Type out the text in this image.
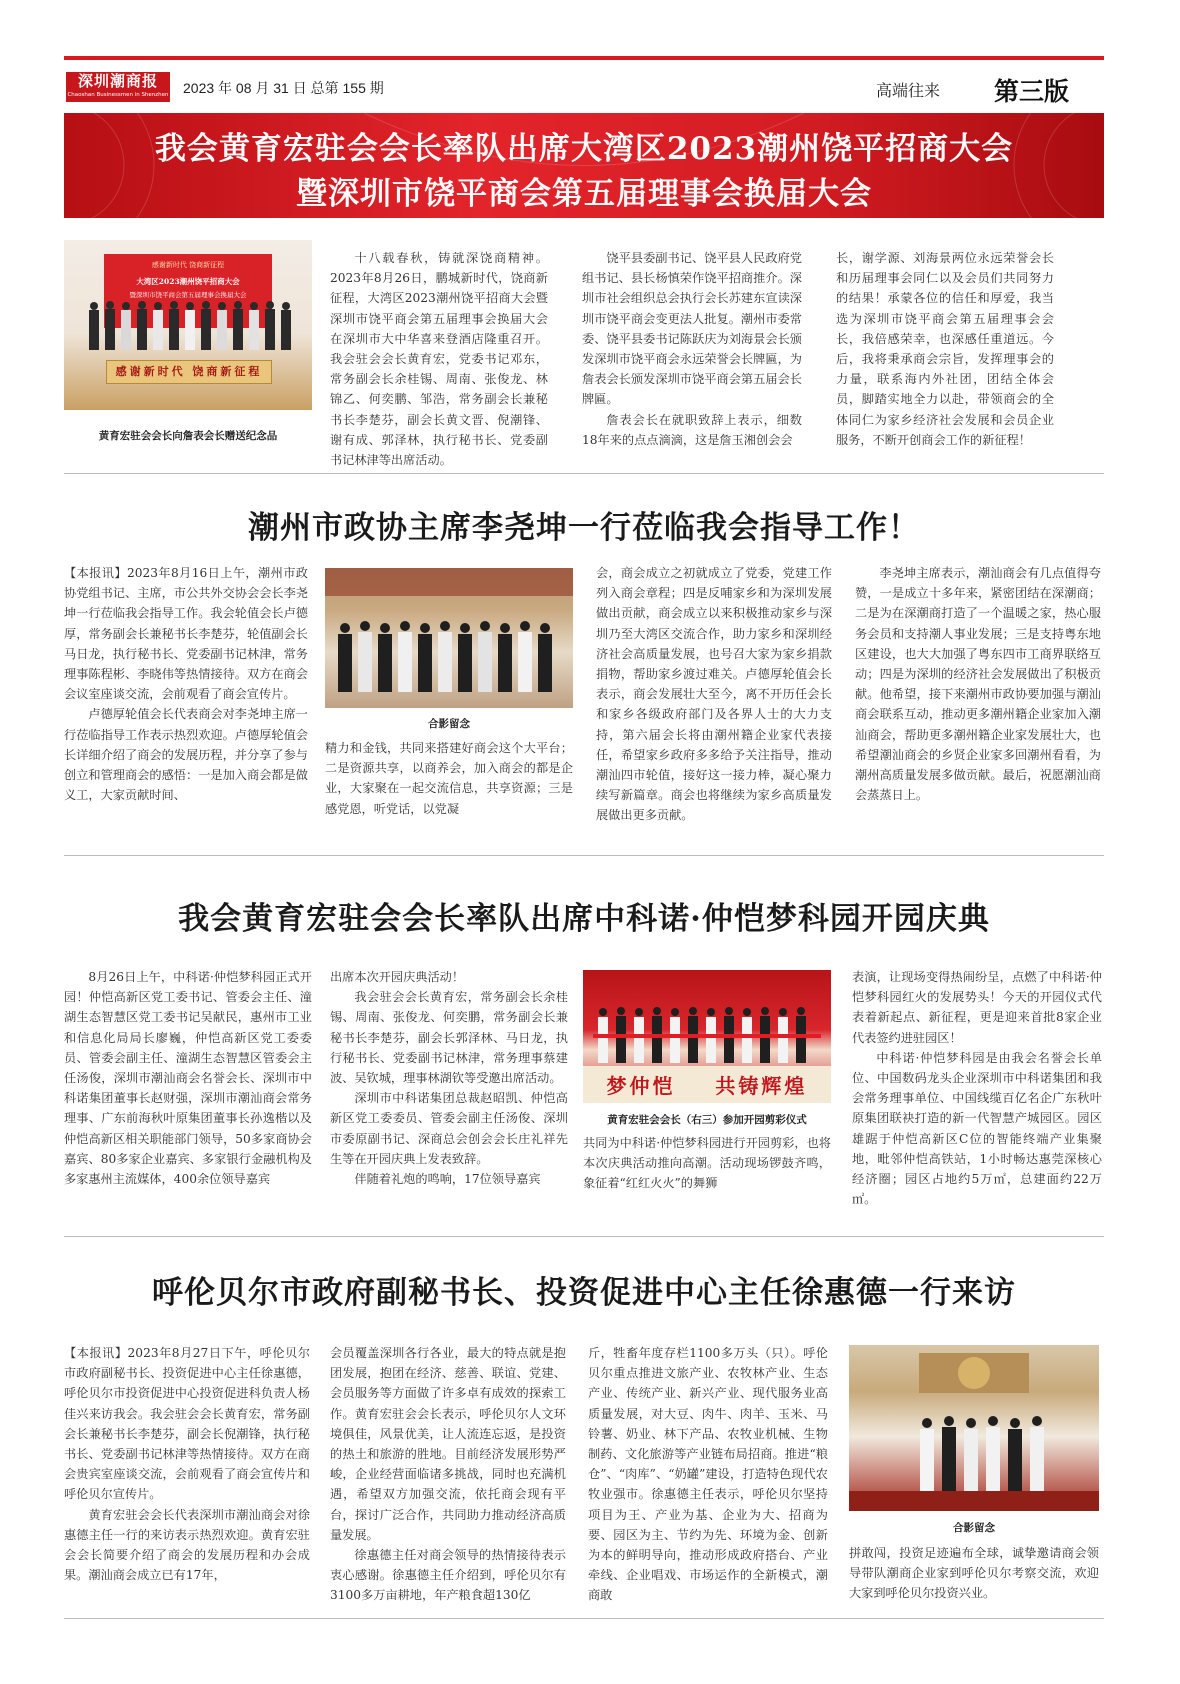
深圳潮商报
Chaoshan Businessmen in Shenzhen 2023 年 08 月 31 日 总第 155 期	高端往来 第三版
我会黄育宏驻会会长率队出席大湾区2023潮州饶平招商大会
暨深圳市饶平商会第五届理事会换届大会
感谢新时代 饶商新征程
大湾区2023潮州饶平招商大会
暨深圳市饶平商会第五届理事会换届大会
感谢新时代 饶商新征程
黄育宏驻会会长向詹表会长赠送纪念品

十八载春秋，铸就深饶商精神。2023年8月26日，鹏城新时代，饶商新征程，大湾区2023潮州饶平招商大会暨深圳市饶平商会第五届理事会换届大会在深圳市大中华喜来登酒店隆重召开。我会驻会会长黄育宏，党委书记邓东，常务副会长余桂锡、周南、张俊龙、林锦乙、何奕鹏、邹浩，常务副会长兼秘书长李楚芬，副会长黄文晋、倪潮锋、谢有成、郭泽林，执行秘书长、党委副书记林津等出席活动。

饶平县委副书记、饶平县人民政府党组书记、县长杨慎荣作饶平招商推介。深圳市社会组织总会执行会长苏建东宣读深圳市饶平商会变更法人批复。潮州市委常委、饶平县委书记陈跃庆为刘海景会长颁发深圳市饶平商会永远荣誉会长牌匾，为詹表会长颁发深圳市饶平商会第五届会长牌匾。

詹表会长在就职致辞上表示，细数18年来的点点滴滴，这是詹玉湘创会会

长，谢学源、刘海景两位永远荣誉会长和历届理事会同仁以及会员们共同努力的结果！承蒙各位的信任和厚爱，我当选为深圳市饶平商会第五届理事会会长，我倍感荣幸，也深感任重道远。今后，我将秉承商会宗旨，发挥理事会的力量，联系海内外社团，团结全体会员，脚踏实地全力以赴，带领商会的全体同仁为家乡经济社会发展和会员企业服务，不断开创商会工作的新征程！

潮州市政协主席李尧坤一行莅临我会指导工作！

【本报讯】2023年8月16日上午，潮州市政协党组书记、主席，市公共外交协会会长李尧坤一行莅临我会指导工作。我会轮值会长卢德厚，常务副会长兼秘书长李楚芬，轮值副会长马日龙，执行秘书长、党委副书记林津，常务理事陈程彬、李晓伟等热情接待。双方在商会会议室座谈交流，会前观看了商会宣传片。

卢德厚轮值会长代表商会对李尧坤主席一行莅临指导工作表示热烈欢迎。卢德厚轮值会长详细介绍了商会的发展历程，并分享了参与创立和管理商会的感悟：一是加入商会都是做义工，大家贡献时间、

合影留念

精力和金钱，共同来搭建好商会这个大平台；二是资源共享，以商养会，加入商会的都是企业，大家聚在一起交流信息，共享资源；三是感党恩，听党话，以党凝

会，商会成立之初就成立了党委，党建工作列入商会章程；四是反哺家乡和为深圳发展做出贡献，商会成立以来积极推动家乡与深圳乃至大湾区交流合作，助力家乡和深圳经济社会高质量发展，也号召大家为家乡捐款捐物，帮助家乡渡过难关。卢德厚轮值会长表示，商会发展壮大至今，离不开历任会长和家乡各级政府部门及各界人士的大力支持，第六届会长将由潮州籍企业家代表接任，希望家乡政府多多给予关注指导，推动潮汕四市轮值，接好这一接力棒，凝心聚力续写新篇章。商会也将继续为家乡高质量发展做出更多贡献。

李尧坤主席表示，潮汕商会有几点值得夸赞，一是成立十多年来，紧密团结在深潮商；二是为在深潮商打造了一个温暖之家，热心服务会员和支持潮人事业发展；三是支持粤东地区建设，也大大加强了粤东四市工商界联络互动；四是为深圳的经济社会发展做出了积极贡献。他希望，接下来潮州市政协要加强与潮汕商会联系互动，推动更多潮州籍企业家加入潮汕商会，帮助更多潮州籍企业家发展壮大，也希望潮汕商会的乡贤企业家多回潮州看看，为潮州高质量发展多做贡献。最后，祝愿潮汕商会蒸蒸日上。

我会黄育宏驻会会长率队出席中科诺·仲恺梦科园开园庆典

8月26日上午，中科诺·仲恺梦科园正式开园！仲恺高新区党工委书记、管委会主任、潼湖生态智慧区党工委书记吴献民，惠州市工业和信息化局局长廖巍，仲恺高新区党工委委员、管委会副主任、潼湖生态智慧区管委会主任汤俊，深圳市潮汕商会名誉会长、深圳市中科诺集团董事长赵财强，深圳市潮汕商会常务理事、广东前海秋叶原集团董事长孙逸楷以及仲恺高新区相关职能部门领导，50多家商协会嘉宾、80多家企业嘉宾、多家银行金融机构及多家惠州主流媒体，400余位领导嘉宾

出席本次开园庆典活动！

我会驻会会长黄育宏，常务副会长余桂锡、周南、张俊龙、何奕鹏，常务副会长兼秘书长李楚芬，副会长郭泽林、马日龙，执行秘书长、党委副书记林津，常务理事蔡建波、吴钦城，理事林湖钦等受邀出席活动。

深圳市中科诺集团总裁赵昭凯、仲恺高新区党工委委员、管委会副主任汤俊、深圳市委原副书记、深商总会创会会长庄礼祥先生等在开园庆典上发表致辞。

伴随着礼炮的鸣响，17位领导嘉宾

梦仲恺    共铸辉煌
黄育宏驻会会长（右三）参加开园剪彩仪式

共同为中科诺·仲恺梦科园进行开园剪彩，也将本次庆典活动推向高潮。活动现场锣鼓齐鸣，象征着“红红火火”的舞狮

表演，让现场变得热闹纷呈，点燃了中科诺·仲恺梦科园红火的发展势头！今天的开园仪式代表着新起点、新征程，更是迎来首批8家企业代表签约进驻园区！

中科诺·仲恺梦科园是由我会名誉会长单位、中国数码龙头企业深圳市中科诺集团和我会常务理事单位、中国线缆百亿名企广东秋叶原集团联袂打造的新一代智慧产城园区。园区雄踞于仲恺高新区C位的智能终端产业集聚地，毗邻仲恺高铁站，1小时畅达惠莞深核心经济圈；园区占地约5万㎡，总建面约22万㎡。

呼伦贝尔市政府副秘书长、投资促进中心主任徐惠德一行来访

【本报讯】2023年8月27日下午，呼伦贝尔市政府副秘书长、投资促进中心主任徐惠德，呼伦贝尔市投资促进中心投资促进科负责人杨佳兴来访我会。我会驻会会长黄育宏，常务副会长兼秘书长李楚芬，副会长倪潮锋，执行秘书长、党委副书记林津等热情接待。双方在商会贵宾室座谈交流，会前观看了商会宣传片和呼伦贝尔宣传片。

黄育宏驻会会长代表深圳市潮汕商会对徐惠德主任一行的来访表示热烈欢迎。黄育宏驻会会长简要介绍了商会的发展历程和办会成果。潮汕商会成立已有17年，

会员覆盖深圳各行各业，最大的特点就是抱团发展，抱团在经济、慈善、联谊、党建、会员服务等方面做了许多卓有成效的探索工作。黄育宏驻会会长表示，呼伦贝尔人文环境俱佳，风景优美，让人流连忘返，是投资的热土和旅游的胜地。目前经济发展形势严峻，企业经营面临诸多挑战，同时也充满机遇，希望双方加强交流，依托商会现有平台，探讨广泛合作，共同助力推动经济高质量发展。

徐惠德主任对商会领导的热情接待表示衷心感谢。徐惠德主任介绍到，呼伦贝尔有3100多万亩耕地，年产粮食超130亿

斤，牲畜年度存栏1100多万头（只）。呼伦贝尔重点推进文旅产业、农牧林产业、生态产业、传统产业、新兴产业、现代服务业高质量发展，对大豆、肉牛、肉羊、玉米、马铃薯、奶业、林下产品、农牧业机械、生物制药、文化旅游等产业链布局招商。推进“粮仓”、“肉库”、“奶罐”建设，打造特色现代农牧业强市。徐惠德主任表示，呼伦贝尔坚持项目为王、产业为基、企业为大、招商为要、园区为主、节约为先、环境为金、创新为本的鲜明导向，推动形成政府搭台、产业牵线、企业唱戏、市场运作的全新模式，潮商敢

合影留念

拼敢闯，投资足迹遍布全球，诚挚邀请商会领导带队潮商企业家到呼伦贝尔考察交流，欢迎大家到呼伦贝尔投资兴业。
